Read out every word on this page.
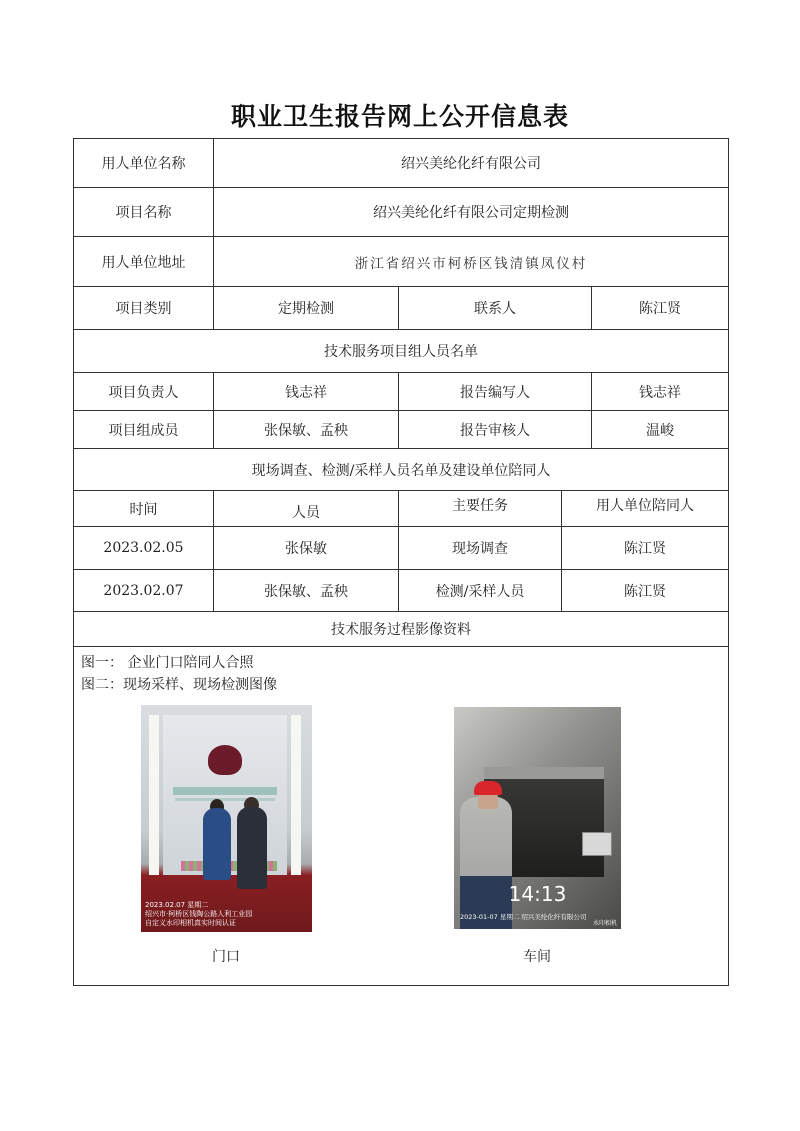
职业卫生报告网上公开信息表
用人单位名称	绍兴美纶化纤有限公司
项目名称	绍兴美纶化纤有限公司定期检测
用人单位地址	浙江省绍兴市柯桥区钱清镇凤仪村
项目类别	定期检测	联系人	陈江贤
技术服务项目组人员名单
项目负责人	钱志祥	报告编写人	钱志祥
项目组成员	张保敏、孟秧	报告审核人	温峻
现场调查、检测/采样人员名单及建设单位陪同人
时间	人员	主要任务	用人单位陪同人
2023.02.05	张保敏	现场调查	陈江贤
2023.02.07	张保敏、孟秧	检测/采样人员	陈江贤
技术服务过程影像资料
图一： 企业门口陪同人合照
图二：现场采样、现场检测图像
2023.02.07 星期二
绍兴市·柯桥区钱陶公路人利工业园
自定义水印相机真实时间认证
门口
14:13
2023-01-07 星期二 绍兴美纶化纤有限公司
水印相机
车间
